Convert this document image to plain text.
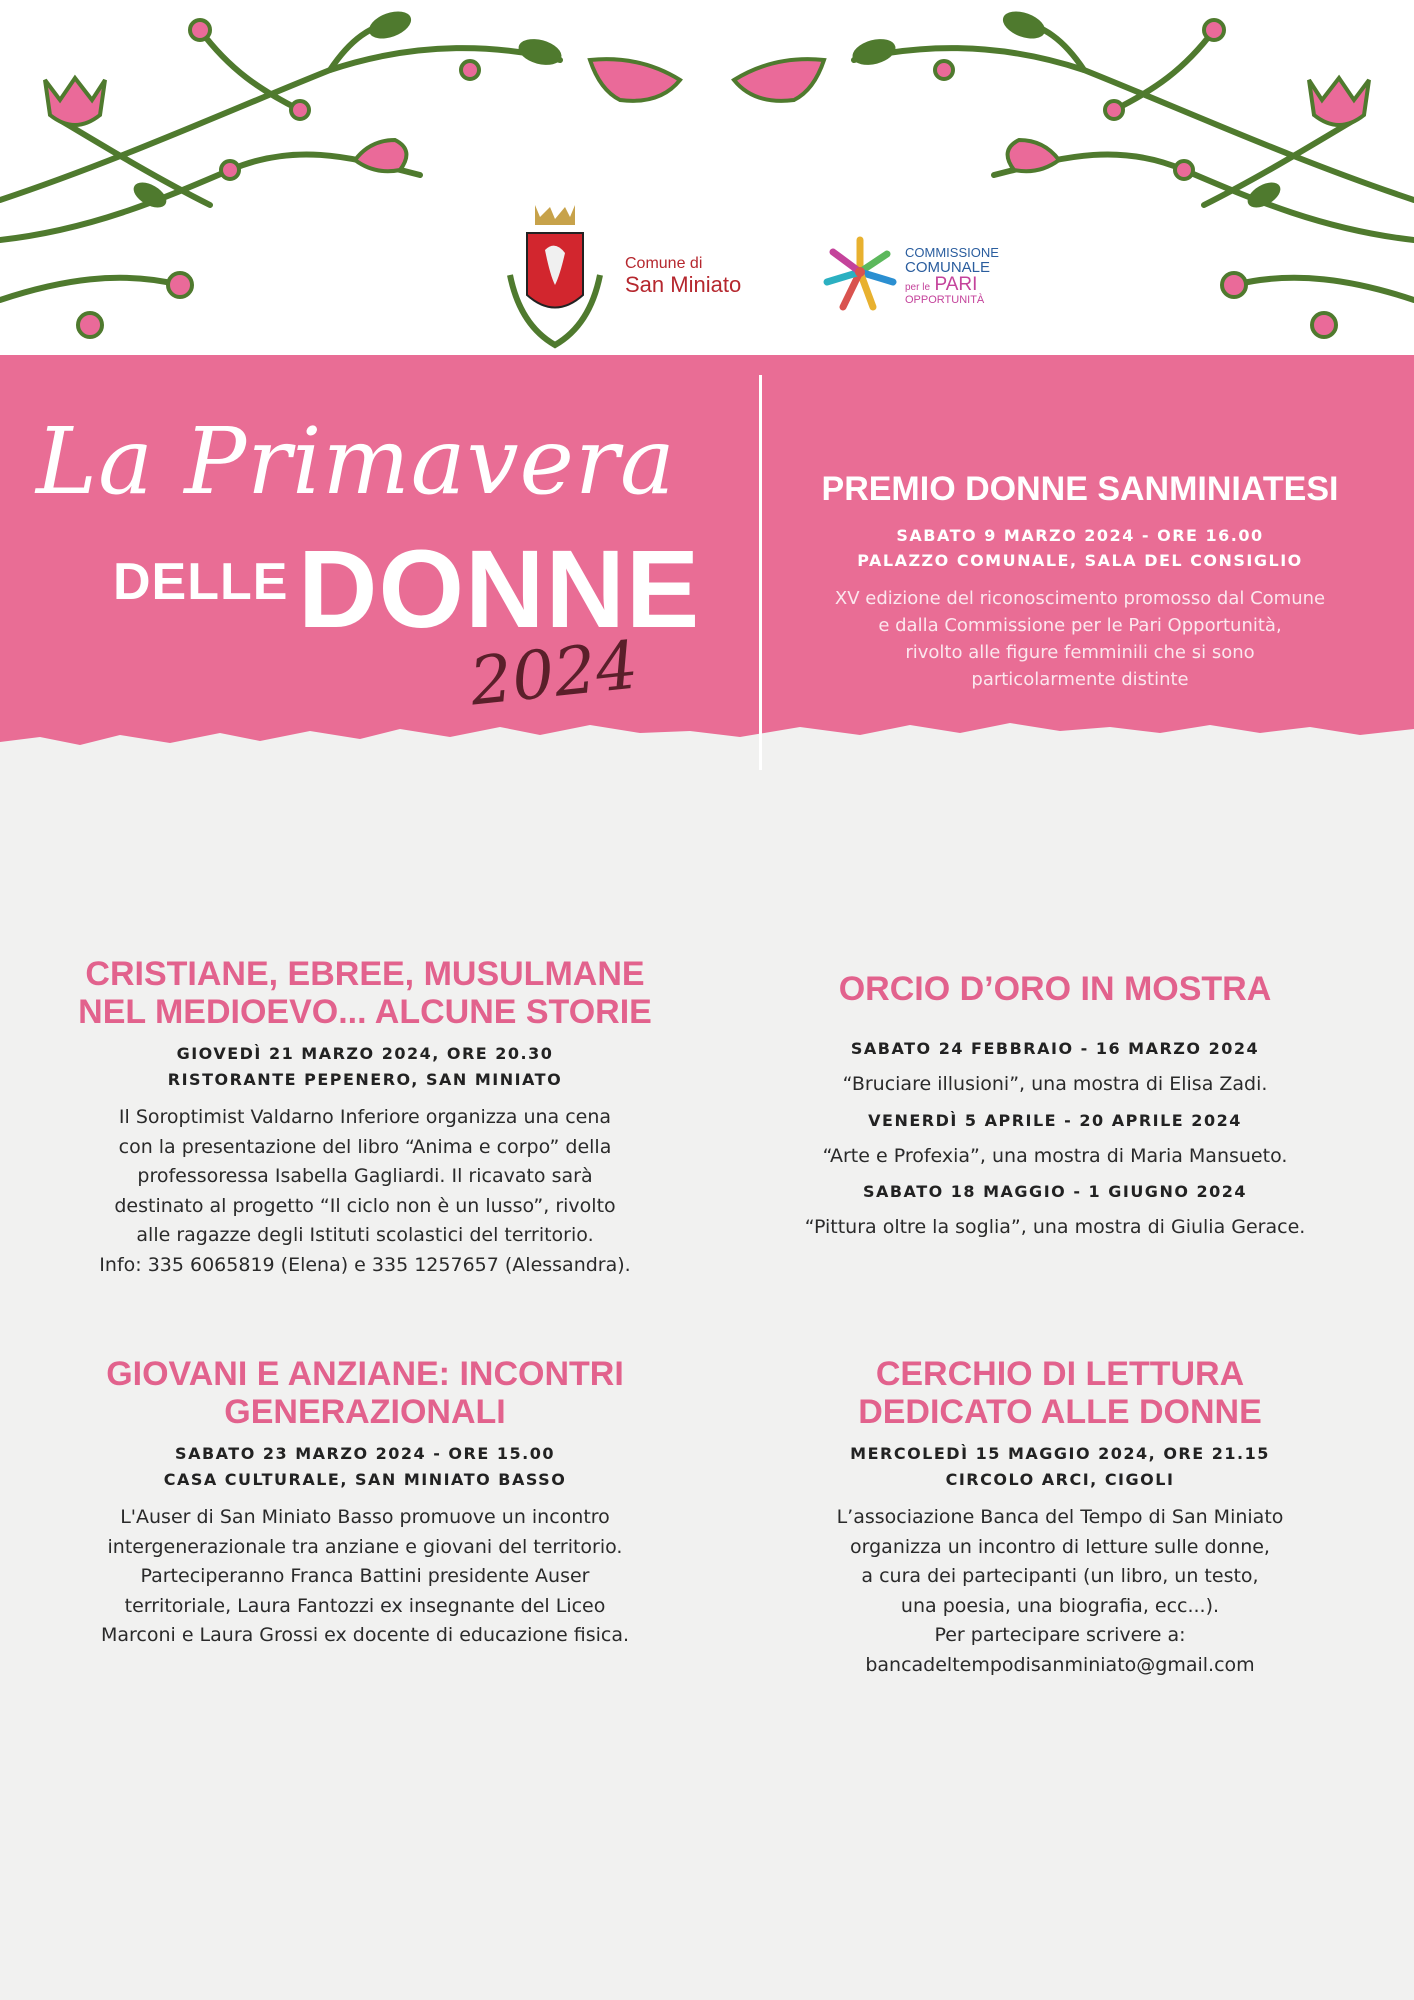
Comune di
San Miniato
COMMISSIONE
COMUNALE
per le PARI
OPPORTUNITÀ
La Primavera
DELLE DONNE
2024
PREMIO DONNE SANMINIATESI
SABATO 9 MARZO 2024 - ORE 16.00
PALAZZO COMUNALE, SALA DEL CONSIGLIO
XV edizione del riconoscimento promosso dal Comune
e dalla Commissione per le Pari Opportunità,
rivolto alle figure femminili che si sono
particolarmente distinte
CRISTIANE, EBREE, MUSULMANE
NEL MEDIOEVO... ALCUNE STORIE
GIOVEDÌ 21 MARZO 2024, ORE 20.30
RISTORANTE PEPENERO, SAN MINIATO
Il Soroptimist Valdarno Inferiore organizza una cena
con la presentazione del libro “Anima e corpo” della
professoressa Isabella Gagliardi. Il ricavato sarà
destinato al progetto “Il ciclo non è un lusso”, rivolto
alle ragazze degli Istituti scolastici del territorio.
Info: 335 6065819 (Elena) e 335 1257657 (Alessandra).
ORCIO D’ORO IN MOSTRA
SABATO 24 FEBBRAIO - 16 MARZO 2024
“Bruciare illusioni”, una mostra di Elisa Zadi.
VENERDÌ 5 APRILE - 20 APRILE 2024
“Arte e Profexia”, una mostra di Maria Mansueto.
SABATO 18 MAGGIO - 1 GIUGNO 2024
“Pittura oltre la soglia”, una mostra di Giulia Gerace.
GIOVANI E ANZIANE: INCONTRI
GENERAZIONALI
SABATO 23 MARZO 2024 - ORE 15.00
CASA CULTURALE, SAN MINIATO BASSO
L'Auser di San Miniato Basso promuove un incontro
intergenerazionale tra anziane e giovani del territorio.
Parteciperanno Franca Battini presidente Auser
territoriale, Laura Fantozzi ex insegnante del Liceo
Marconi e Laura Grossi ex docente di educazione fisica.
CERCHIO DI LETTURA
DEDICATO ALLE DONNE
MERCOLEDÌ 15 MAGGIO 2024, ORE 21.15
CIRCOLO ARCI, CIGOLI
L’associazione Banca del Tempo di San Miniato
organizza un incontro di letture sulle donne,
a cura dei partecipanti (un libro, un testo,
una poesia, una biografia, ecc...).
Per partecipare scrivere a:
bancadeltempodisanminiato@gmail.com
